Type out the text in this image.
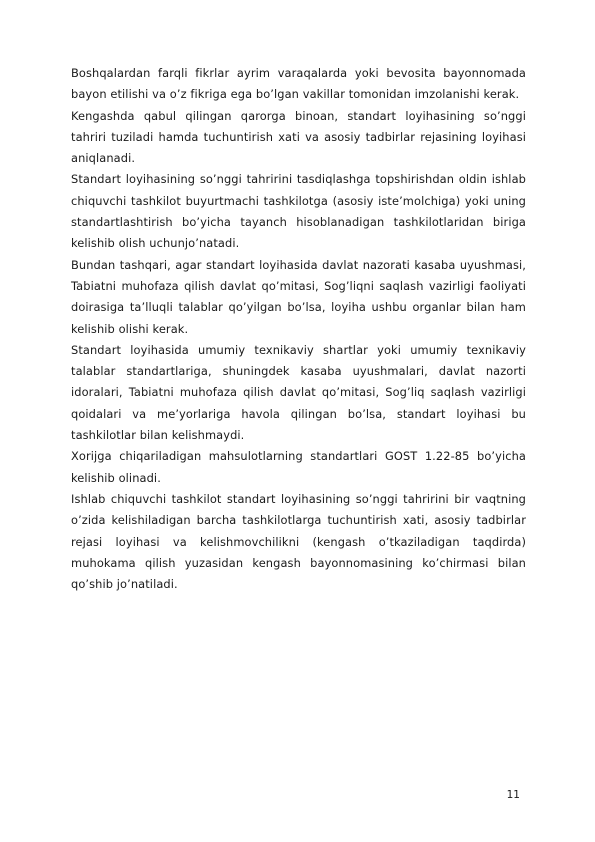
Boshqalardan farqli fikrlar ayrim varaqalarda yoki bevosita bayonnomada bayon etilishi va o’z fikriga ega bo’lgan vakillar tomonidan imzolanishi kerak.

Kengashda qabul qilingan qarorga binoan, standart loyihasining so’nggi tahriri tuziladi hamda tuchuntirish xati va asosiy tadbirlar rejasining loyihasi aniqlanadi.

Standart loyihasining so’nggi tahririni tasdiqlashga topshirishdan oldin ishlab chiquvchi tashkilot buyurtmachi tashkilotga (asosiy iste’molchiga) yoki uning standartlashtirish bo’yicha tayanch hisoblanadigan tashkilotlaridan biriga kelishib olish uchunjo’natadi.

Bundan tashqari, agar standart loyihasida davlat nazorati kasaba uyushmasi, Tabiatni muhofaza qilish davlat qo’mitasi, Sog’liqni saqlash vazirligi faoliyati doirasiga ta’lluqli talablar qo’yilgan bo’lsa, loyiha ushbu organlar bilan ham kelishib olishi kerak.

Standart loyihasida umumiy texnikaviy shartlar yoki umumiy texnikaviy talablar standartlariga, shuningdek kasaba uyushmalari, davlat nazorti idoralari, Tabiatni muhofaza qilish davlat qo’mitasi, Sog’liq saqlash vazirligi qoidalari va me’yorlariga havola qilingan bo’lsa, standart loyihasi bu tashkilotlar bilan kelishmaydi.

Xorijga chiqariladigan mahsulotlarning standartlari GOST 1.22-85 bo’yicha kelishib olinadi.

Ishlab chiquvchi tashkilot standart loyihasining so’nggi tahririni bir vaqtning o’zida kelishiladigan barcha tashkilotlarga tuchuntirish xati, asosiy tadbirlar rejasi loyihasi va kelishmovchilikni (kengash o’tkaziladigan taqdirda) muhokama qilish yuzasidan kengash bayonnomasining ko’chirmasi bilan qo’shib jo’natiladi.

11
